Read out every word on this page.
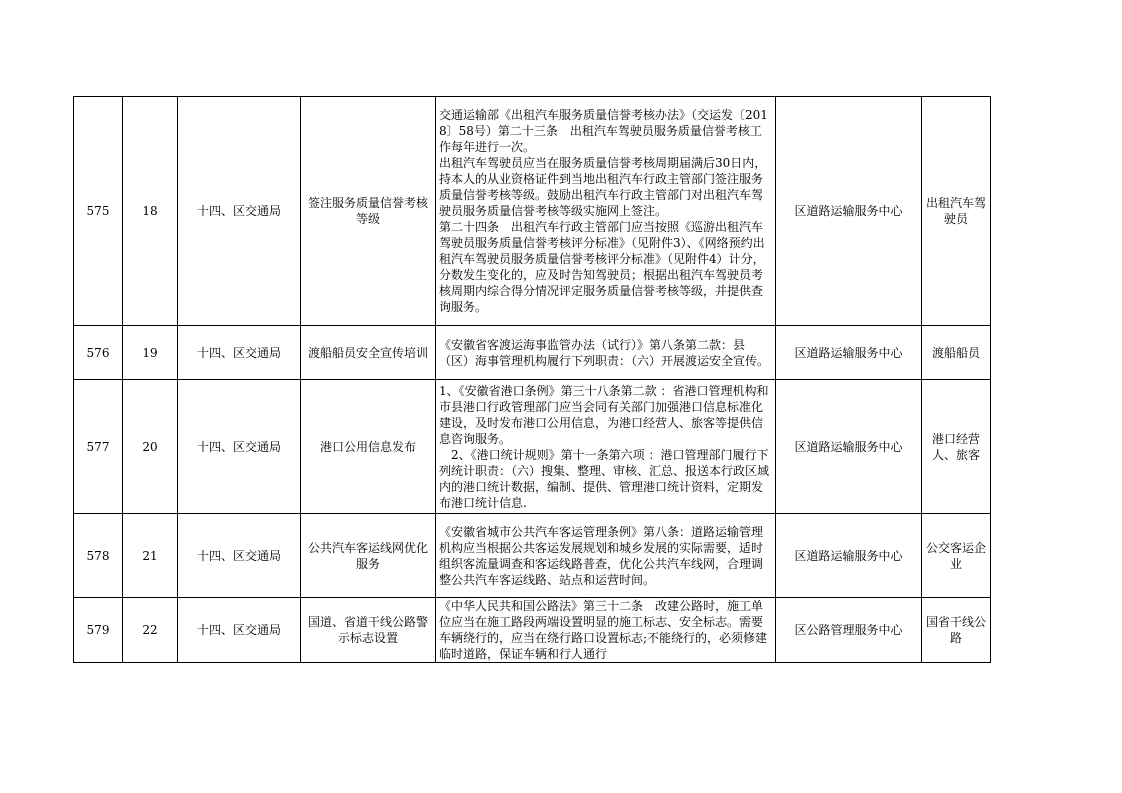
575	18	十四、区交通局	签注服务质量信誉考核等级	交通运输部《出租汽车服务质量信誉考核办法》（交运发〔2018〕58号）第二十三条　出租汽车驾驶员服务质量信誉考核工作每年进行一次。
出租汽车驾驶员应当在服务质量信誉考核周期届满后30日内，持本人的从业资格证件到当地出租汽车行政主管部门签注服务质量信誉考核等级。鼓励出租汽车行政主管部门对出租汽车驾驶员服务质量信誉考核等级实施网上签注。
第二十四条　出租汽车行政主管部门应当按照《巡游出租汽车驾驶员服务质量信誉考核评分标准》（见附件3）、《网络预约出租汽车驾驶员服务质量信誉考核评分标准》（见附件4）计分，分数发生变化的，应及时告知驾驶员；根据出租汽车驾驶员考核周期内综合得分情况评定服务质量信誉考核等级，并提供查询服务。	区道路运输服务中心	出租汽车驾驶员
576	19	十四、区交通局	渡船船员安全宣传培训	《安徽省客渡运海事监管办法（试行）》第八条第二款：县（区）海事管理机构履行下列职责：（六）开展渡运安全宣传。	区道路运输服务中心	渡船船员
577	20	十四、区交通局	港口公用信息发布	1、《安徽省港口条例》第三十八条第二款 ：省港口管理机构和市县港口行政管理部门应当会同有关部门加强港口信息标准化建设，及时发布港口公用信息，为港口经营人、旅客等提供信息咨询服务。
　2、《港口统计规则》第十一条第六项 ：港口管理部门履行下列统计职责：（六）搜集、整理、审核、汇总、报送本行政区域内的港口统计数据，编制、提供、管理港口统计资料，定期发布港口统计信息.	区道路运输服务中心	港口经营人、旅客
578	21	十四、区交通局	公共汽车客运线网优化服务	《安徽省城市公共汽车客运管理条例》第八条：道路运输管理机构应当根据公共客运发展规划和城乡发展的实际需要，适时组织客流量调查和客运线路普查，优化公共汽车线网，合理调整公共汽车客运线路、站点和运营时间。	区道路运输服务中心	公交客运企业
579	22	十四、区交通局	国道、省道干线公路警示标志设置	《中华人民共和国公路法》第三十二条　改建公路时，施工单位应当在施工路段两端设置明显的施工标志、安全标志。需要车辆绕行的，应当在绕行路口设置标志;不能绕行的，必须修建临时道路，保证车辆和行人通行	区公路管理服务中心	国省干线公路
